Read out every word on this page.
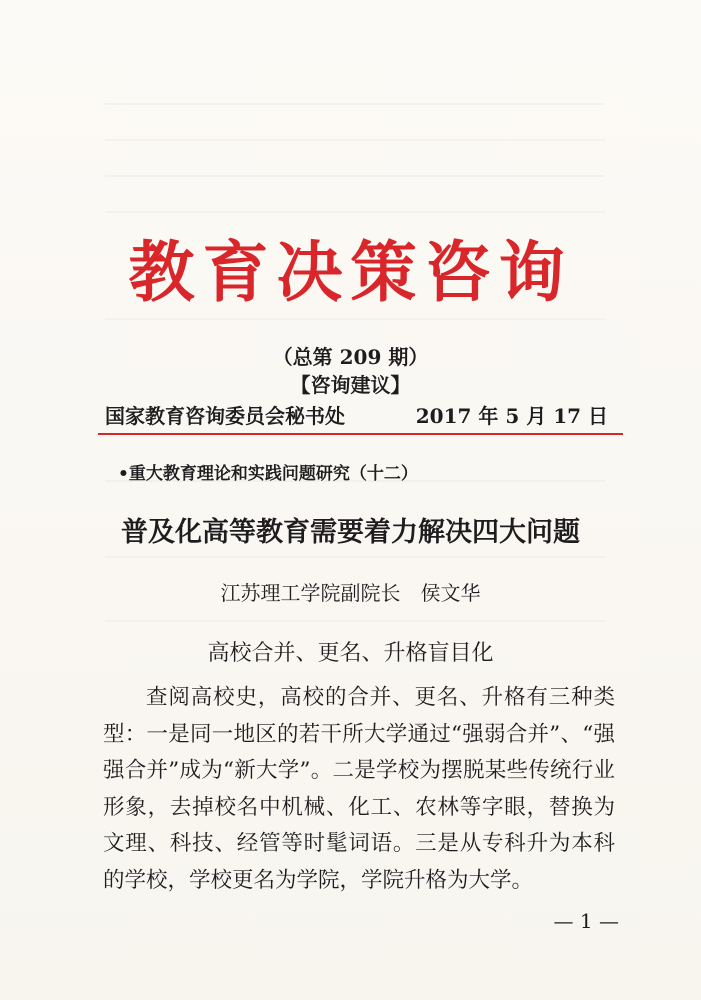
教育决策咨询
（总第 209 期）
【咨询建议】
国家教育咨询委员会秘书处	2017 年 5 月 17 日
•重大教育理论和实践问题研究（十二）
普及化高等教育需要着力解决四大问题
江苏理工学院副院长　侯文华
高校合并、更名、升格盲目化

查阅高校史，高校的合并、更名、升格有三种类型：一是同一地区的若干所大学通过“强弱合并”、“强强合并”成为“新大学”。二是学校为摆脱某些传统行业形象，去掉校名中机械、化工、农林等字眼，替换为文理、科技、经管等时髦词语。三是从专科升为本科的学校，学校更名为学院，学院升格为大学。

— 1 —
